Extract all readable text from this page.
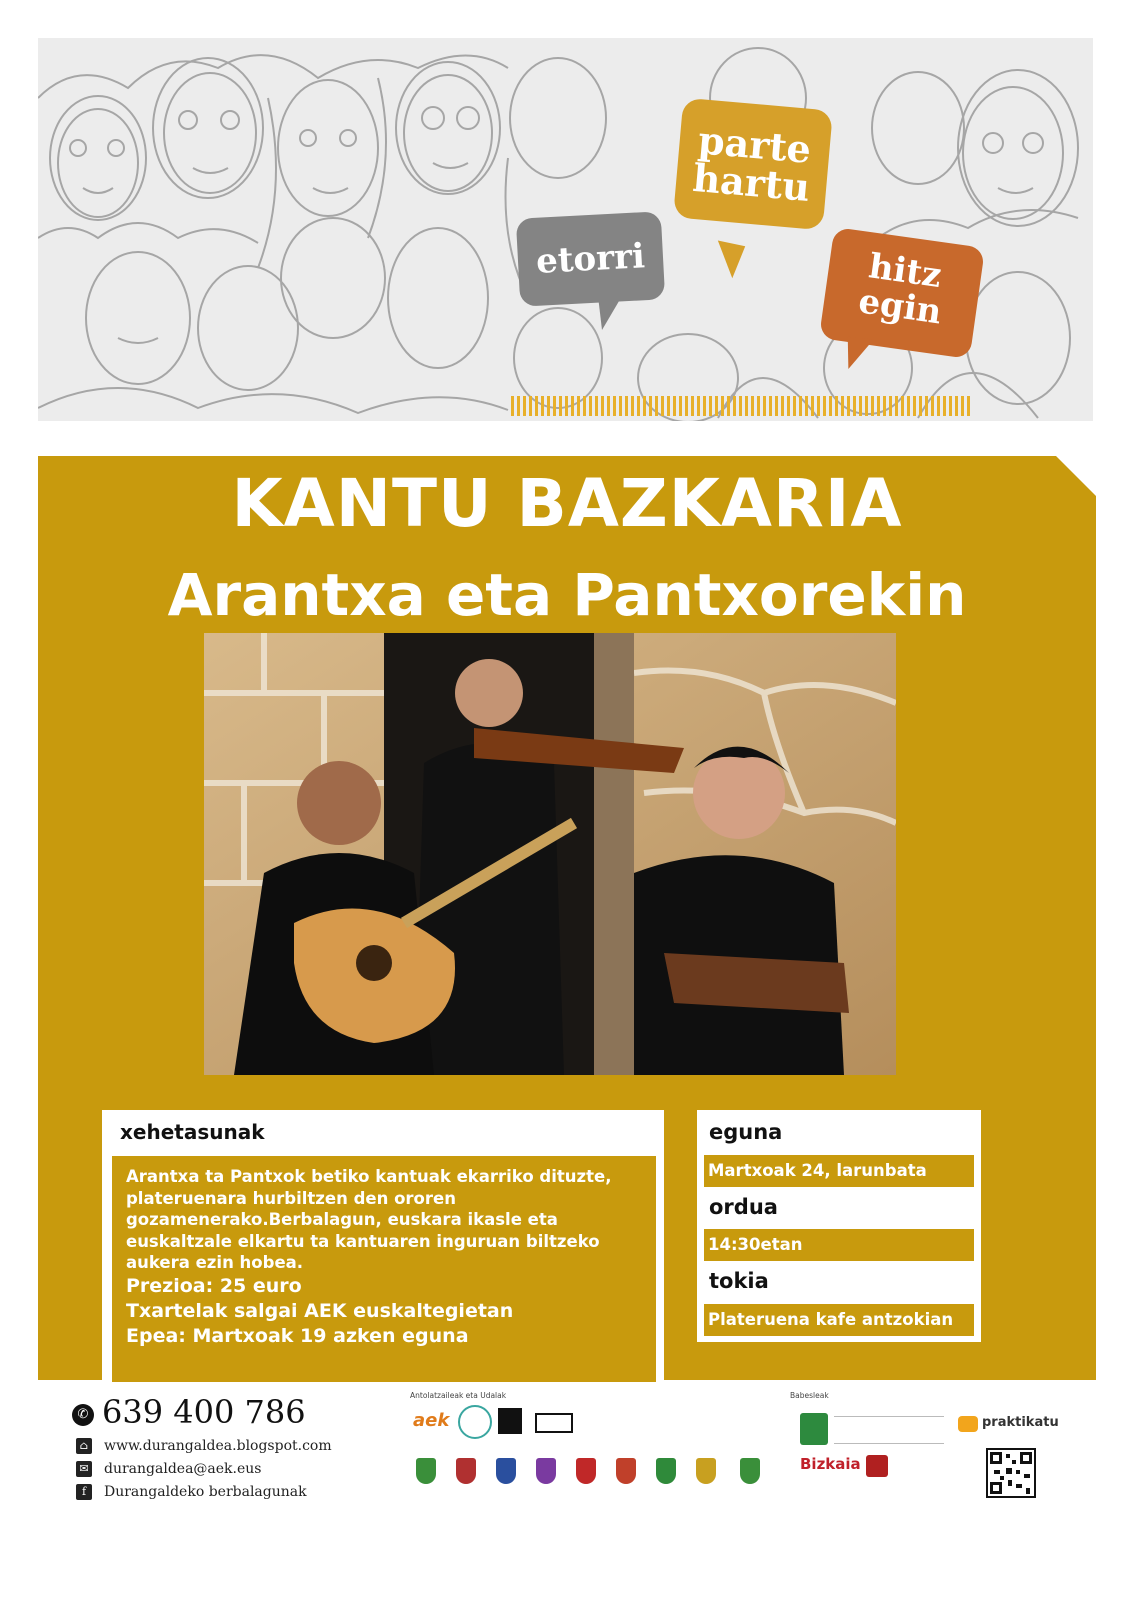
etorri
parte
hartu
hitz
egin
KANTU BAZKARIA
Arantxa eta Pantxorekin
xehetasunak

Arantxa ta Pantxok betiko kantuak ekarriko dituzte, plateruenara hurbiltzen den ororen gozamenerako.Berbalagun, euskara ikasle eta euskaltzale elkartu ta kantuaren inguruan biltzeko aukera ezin hobea.

Prezioa: 25 euro

Txartelak salgai AEK euskaltegietan

Epea: Martxoak 19 azken eguna

eguna
Martxoak 24, larunbata
ordua
14:30etan
tokia
Plateruena kafe antzokian
✆ 639 400 786
⌂ www.durangaldea.blogspot.com
✉ durangaldea@aek.eus
f Durangaldeko berbalagunak
Antolatzaileak eta Udalak
aek
Babesleak
Bizkaia
praktikatu
